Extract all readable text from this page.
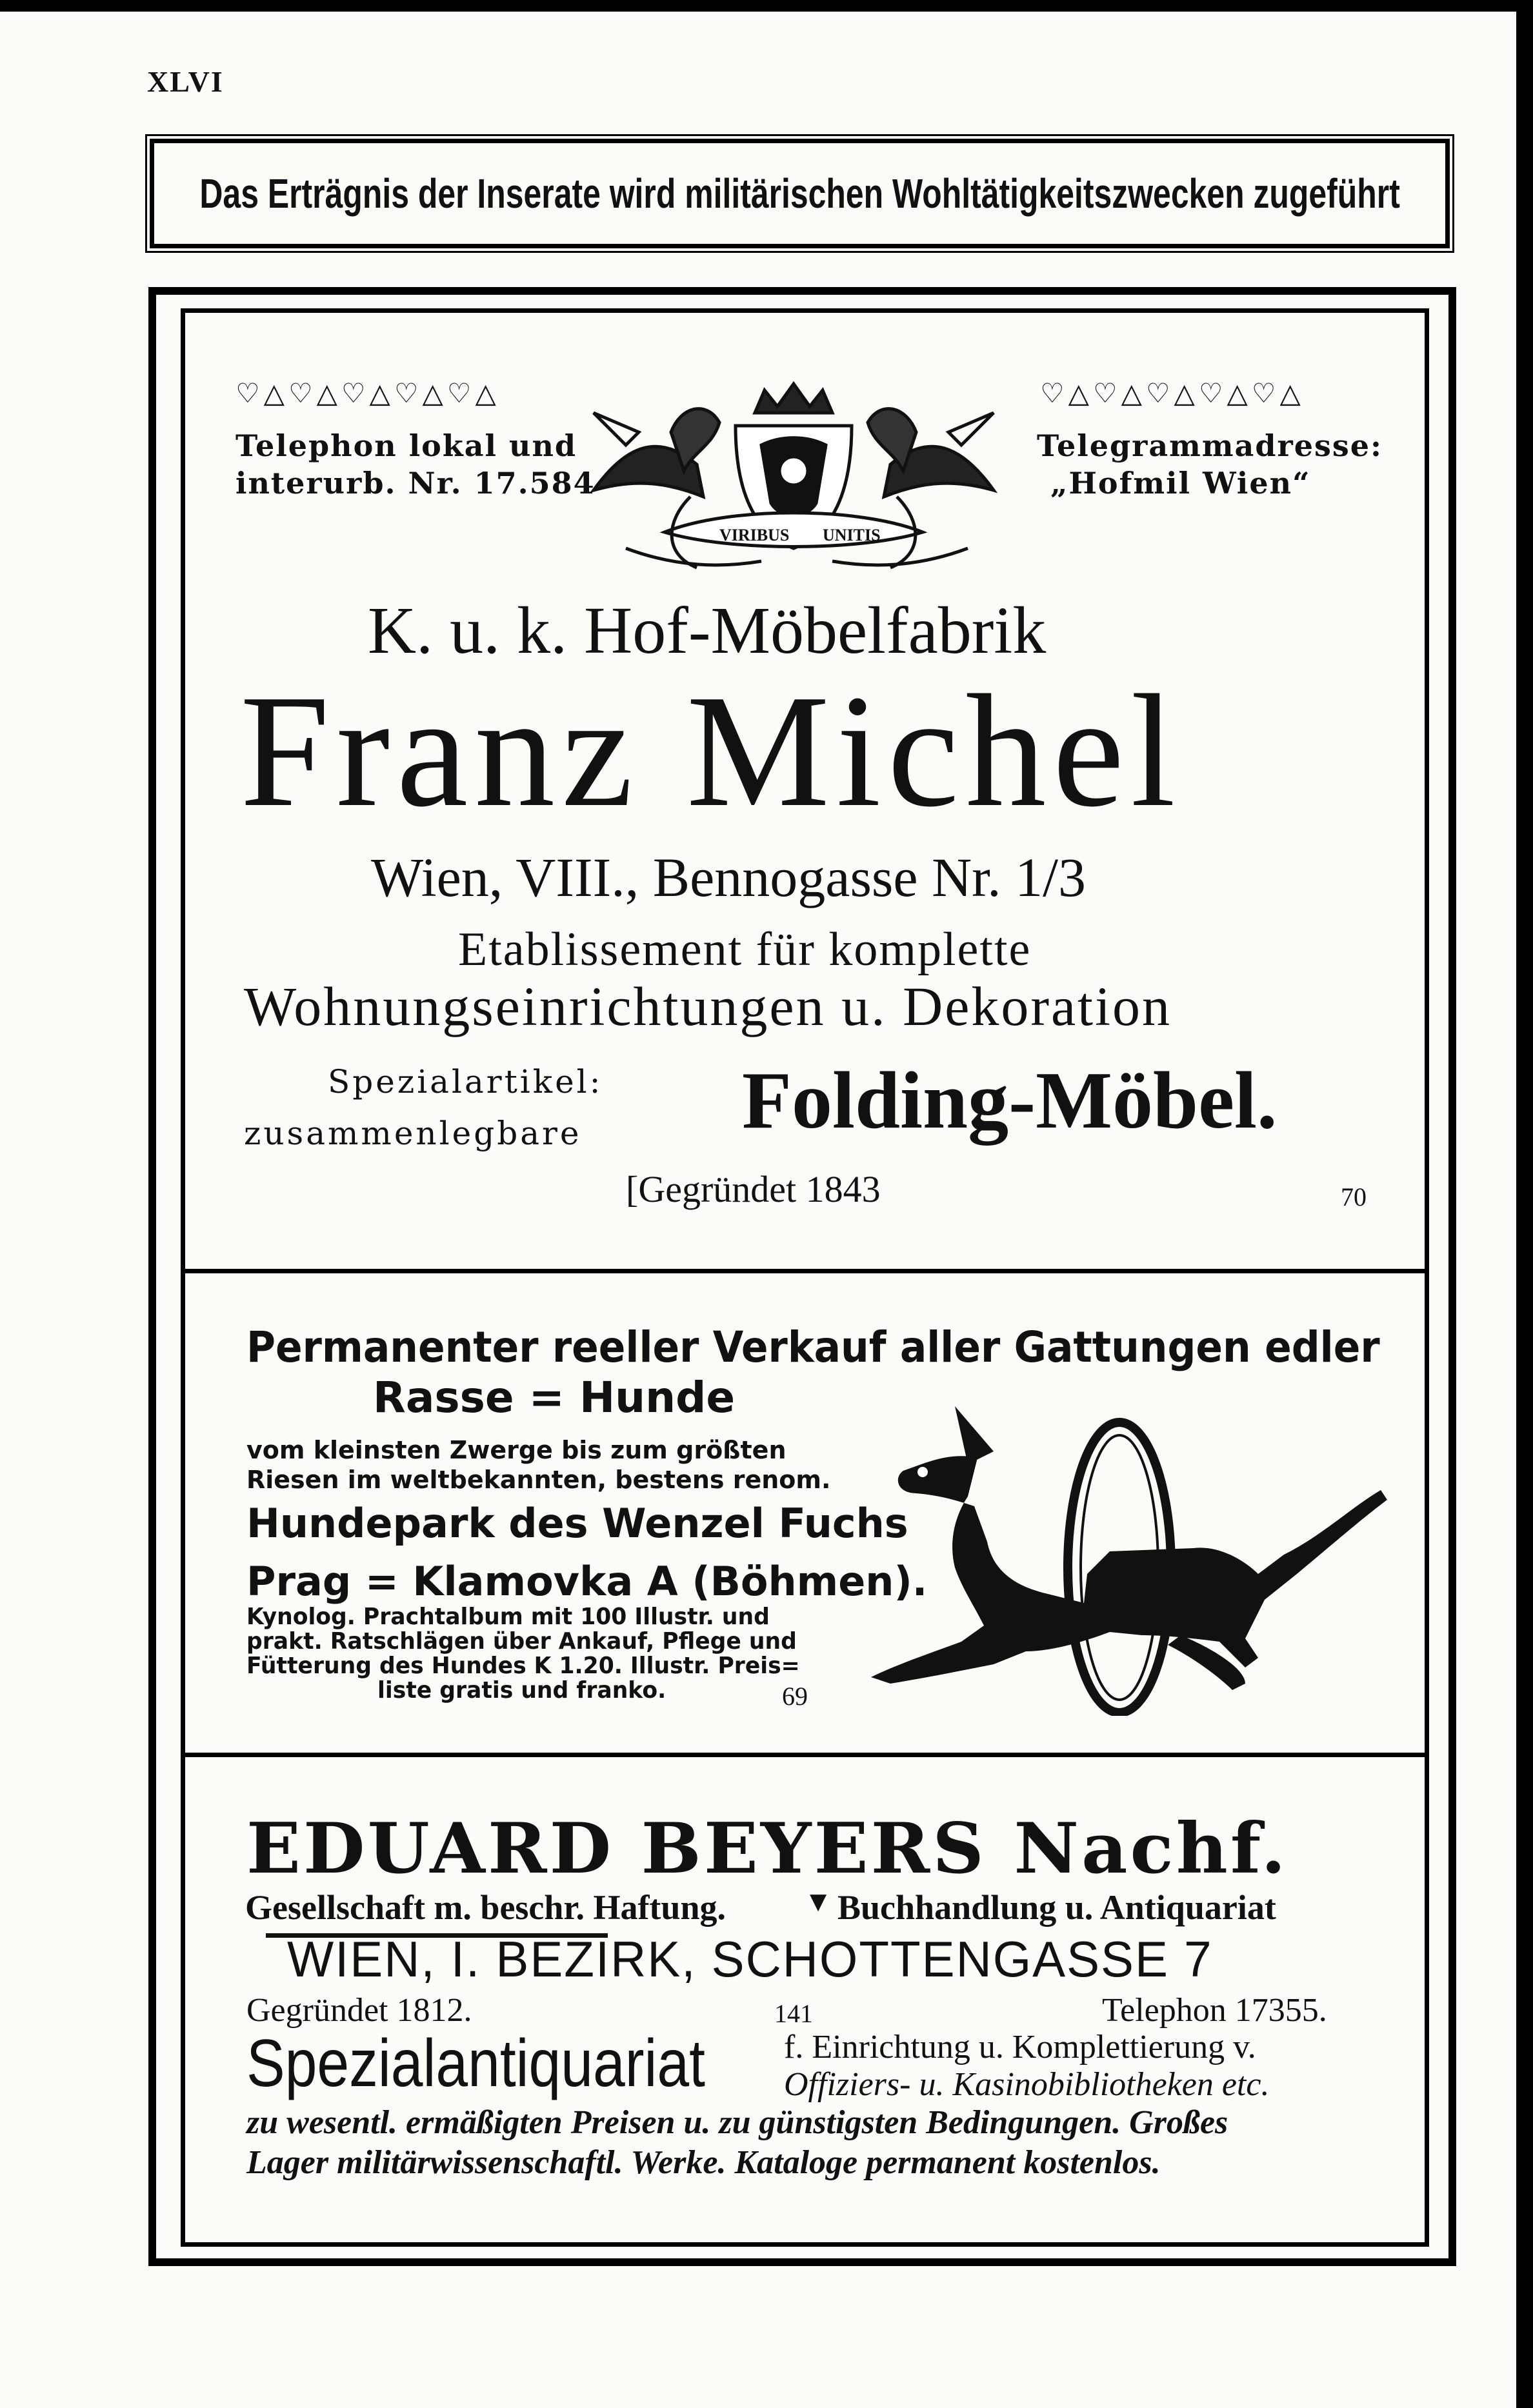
XLVI
Das Erträgnis der Inserate wird militärischen Wohltätigkeitszwecken zugeführt
♡△♡△♡△♡△♡△	♡△♡△♡△♡△♡△
Telephon lokal und
interurb. Nr. 17.584
Telegrammadresse:
„Hofmil Wien“
VIRIBUS UNITIS
K. u. k. Hof-Möbelfabrik
Franz Michel
Wien, VIII., Bennogasse Nr. 1/3
Etablissement für komplette
Wohnungseinrichtungen u. Dekoration
Spezialartikel:
zusammenlegbare Folding-Möbel.
[Gegründet 1843	70
Permanenter reeller Verkauf aller Gattungen edler
Rasse = Hunde
vom kleinsten Zwerge bis zum größten
Riesen im weltbekannten, bestens renom.
Hundepark des Wenzel Fuchs
Prag = Klamovka A (Böhmen).
Kynolog. Prachtalbum mit 100 Illustr. und
prakt. Ratschlägen über Ankauf, Pflege und
Fütterung des Hundes K 1.20. Illustr. Preis=
liste gratis und franko.	69
EDUARD BEYERS Nachf.
Gesellschaft m. beschr. Haftung.	▼ Buchhandlung u. Antiquariat
WIEN, I. BEZIRK, SCHOTTENGASSE 7
Gegründet 1812.	141	Telephon 17355.
Spezialantiquariat f. Einrichtung u. Komplettierung v.
Offiziers- u. Kasinobibliotheken etc.
zu wesentl. ermäßigten Preisen u. zu günstigsten Bedingungen. Großes
Lager militärwissenschaftl. Werke. Kataloge permanent kostenlos.
